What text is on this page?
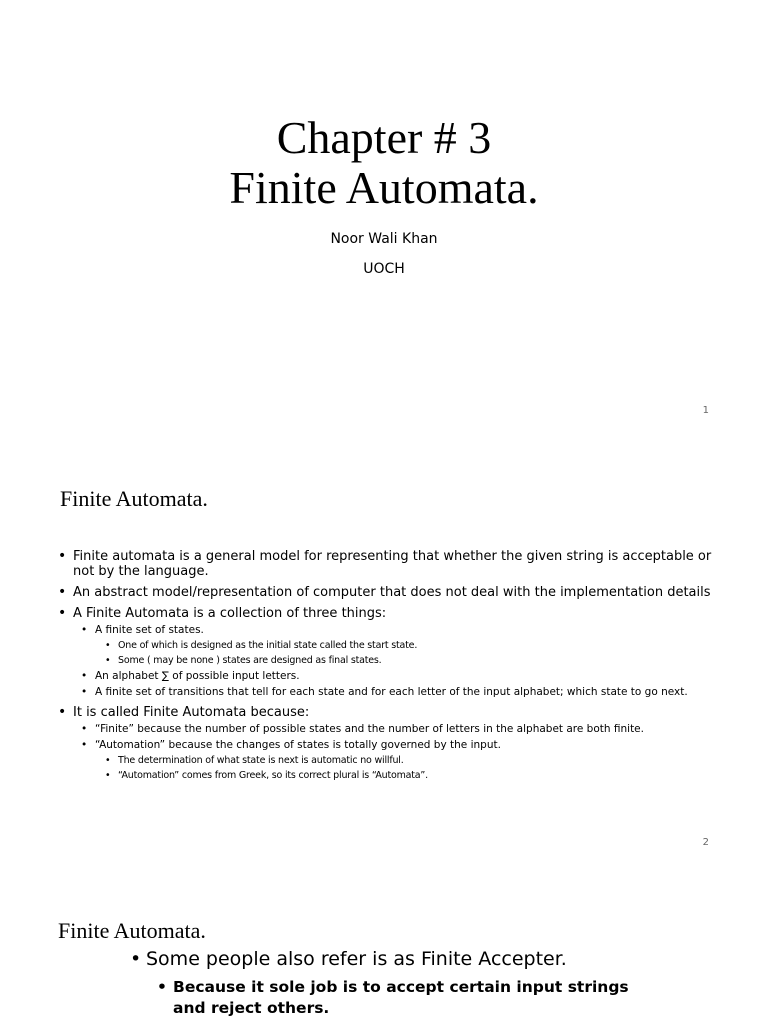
Chapter # 3
Finite Automata.
Noor Wali Khan
UOCH
1
Finite Automata.
• Finite automata is a general model for representing that whether the given string is acceptable or not by the language.
• An abstract model/representation of computer that does not deal with the implementation details
• A Finite Automata is a collection of three things:
• A finite set of states.
• One of which is designed as the initial state called the start state.
• Some ( may be none ) states are designed as final states.
• An alphabet ∑ of possible input letters.
• A finite set of transitions that tell for each state and for each letter of the input alphabet; which state to go next.
• It is called Finite Automata because:
• “Finite” because the number of possible states and the number of letters in the alphabet are both finite.
• “Automation” because the changes of states is totally governed by the input.
• The determination of what state is next is automatic no willful.
• “Automation” comes from Greek, so its correct plural is “Automata”.
2
Finite Automata.
• Some people also refer is as Finite Accepter.
• Because it sole job is to accept certain input strings and reject others.
